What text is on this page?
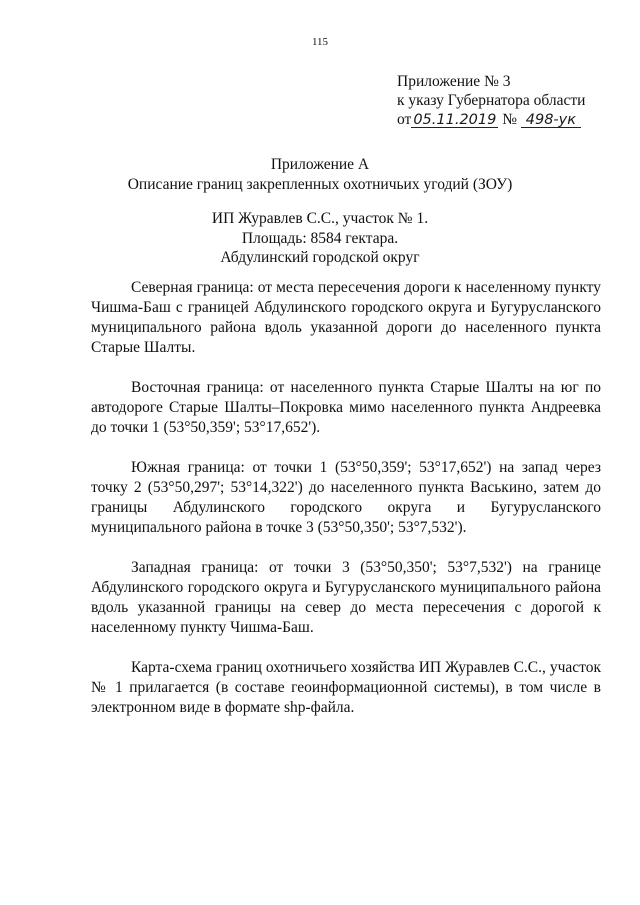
115
Приложение № 3
к указу Губернатора области
от 05.11.2019 № 498-ук
Приложение А
Описание границ закрепленных охотничьих угодий (ЗОУ)
ИП Журавлев С.С., участок № 1.
Площадь: 8584 гектара.
Абдулинский городской округ

Северная граница: от места пересечения дороги к населенному пункту Чишма-Баш с границей Абдулинского городского округа и Бугурусланского муниципального района вдоль указанной дороги до населенного пункта Старые Шалты.

Восточная граница: от населенного пункта Старые Шалты на юг по автодороге Старые Шалты–Покровка мимо населенного пункта Андреевка до точки 1 (53°50,359'; 53°17,652').

Южная граница: от точки 1 (53°50,359'; 53°17,652') на запад через точку 2 (53°50,297'; 53°14,322') до населенного пункта Васькино, затем до границы Абдулинского городского округа и Бугурусланского муниципального района в точке 3 (53°50,350'; 53°7,532').

Западная граница: от точки 3 (53°50,350'; 53°7,532') на границе Абдулинского городского округа и Бугурусланского муниципального района вдоль указанной границы на север до места пересечения с дорогой к населенному пункту Чишма-Баш.

Карта-схема границ охотничьего хозяйства ИП Журавлев С.С., участок № 1 прилагается (в составе геоинформационной системы), в том числе в электронном виде в формате shp-файла.
